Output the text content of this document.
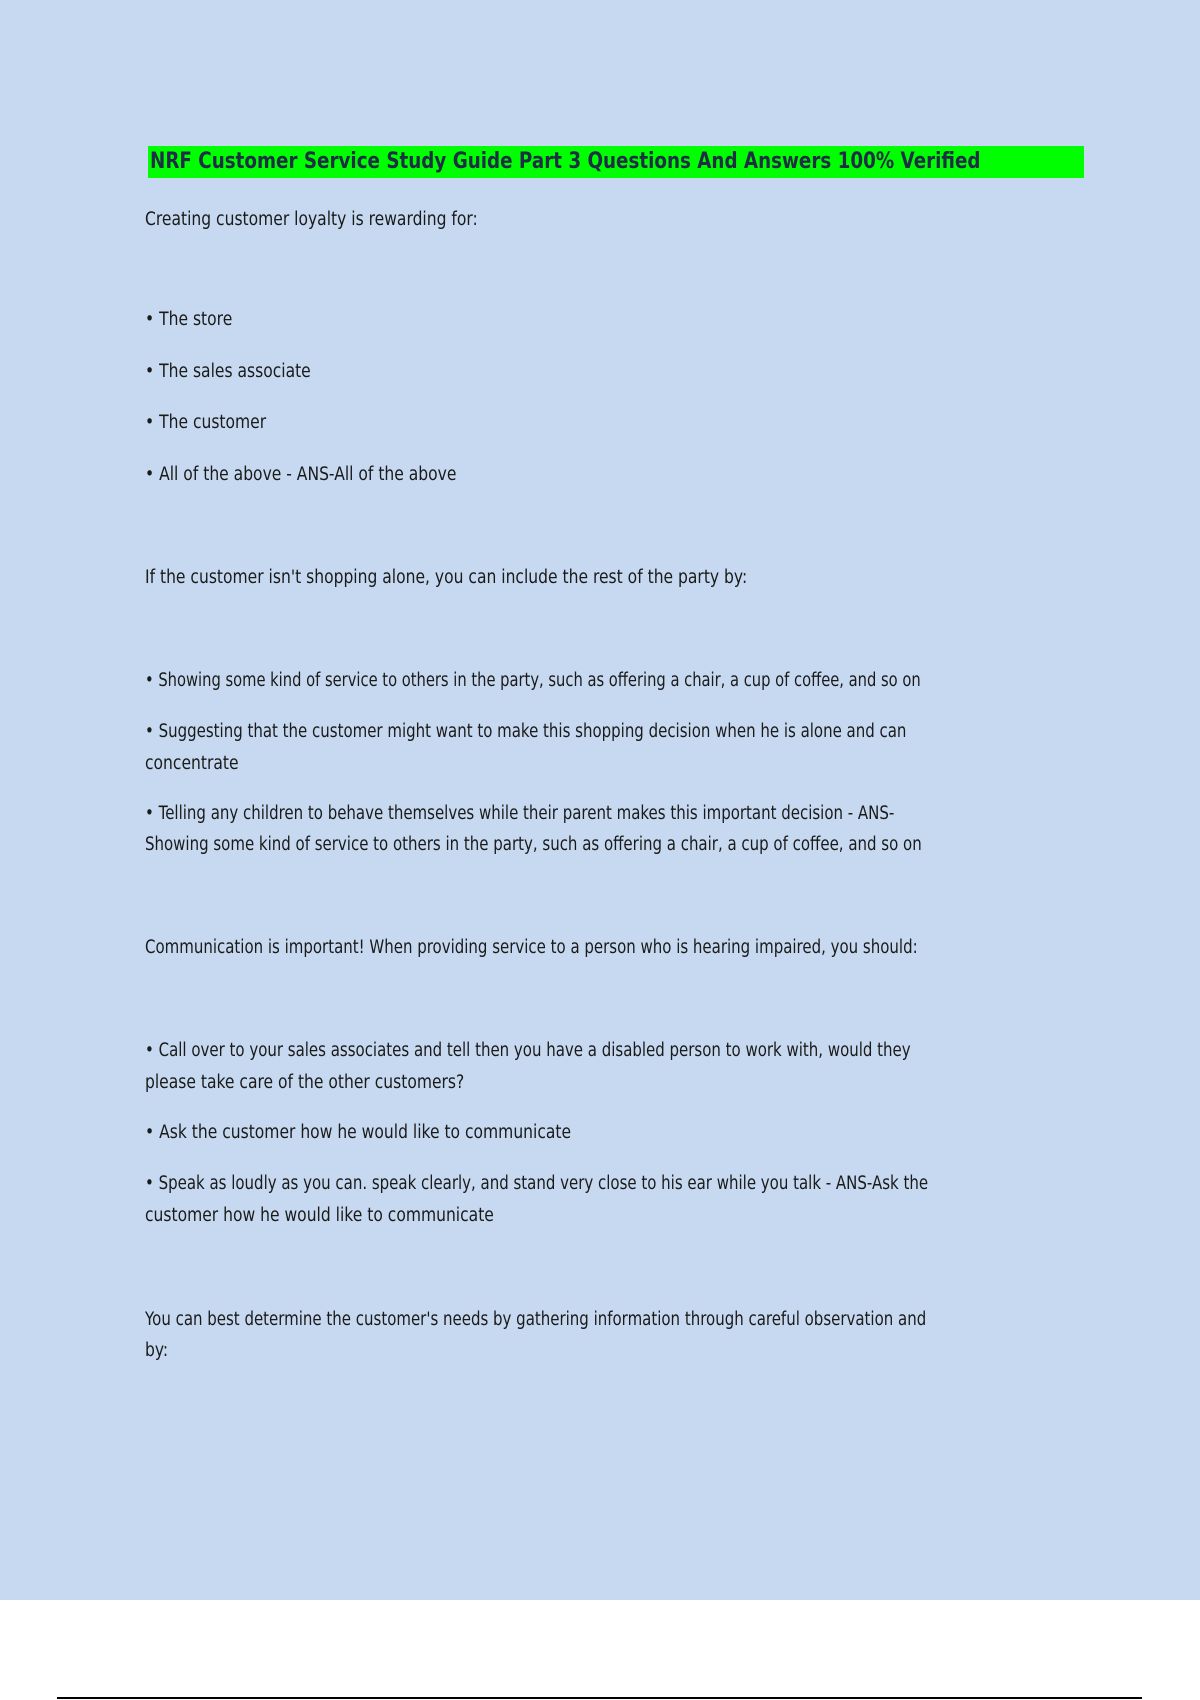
NRF Customer Service Study Guide Part 3 Questions And Answers 100% Verified
Creating customer loyalty is rewarding for:
• The store
• The sales associate
• The customer
• All of the above - ANS-All of the above
If the customer isn't shopping alone, you can include the rest of the party by:
• Showing some kind of service to others in the party, such as offering a chair, a cup of coffee, and so on
• Suggesting that the customer might want to make this shopping decision when he is alone and can
concentrate
• Telling any children to behave themselves while their parent makes this important decision - ANS-
Showing some kind of service to others in the party, such as offering a chair, a cup of coffee, and so on
Communication is important! When providing service to a person who is hearing impaired, you should:
• Call over to your sales associates and tell then you have a disabled person to work with, would they
please take care of the other customers?
• Ask the customer how he would like to communicate
• Speak as loudly as you can. speak clearly, and stand very close to his ear while you talk - ANS-Ask the
customer how he would like to communicate
You can best determine the customer's needs by gathering information through careful observation and
by:
